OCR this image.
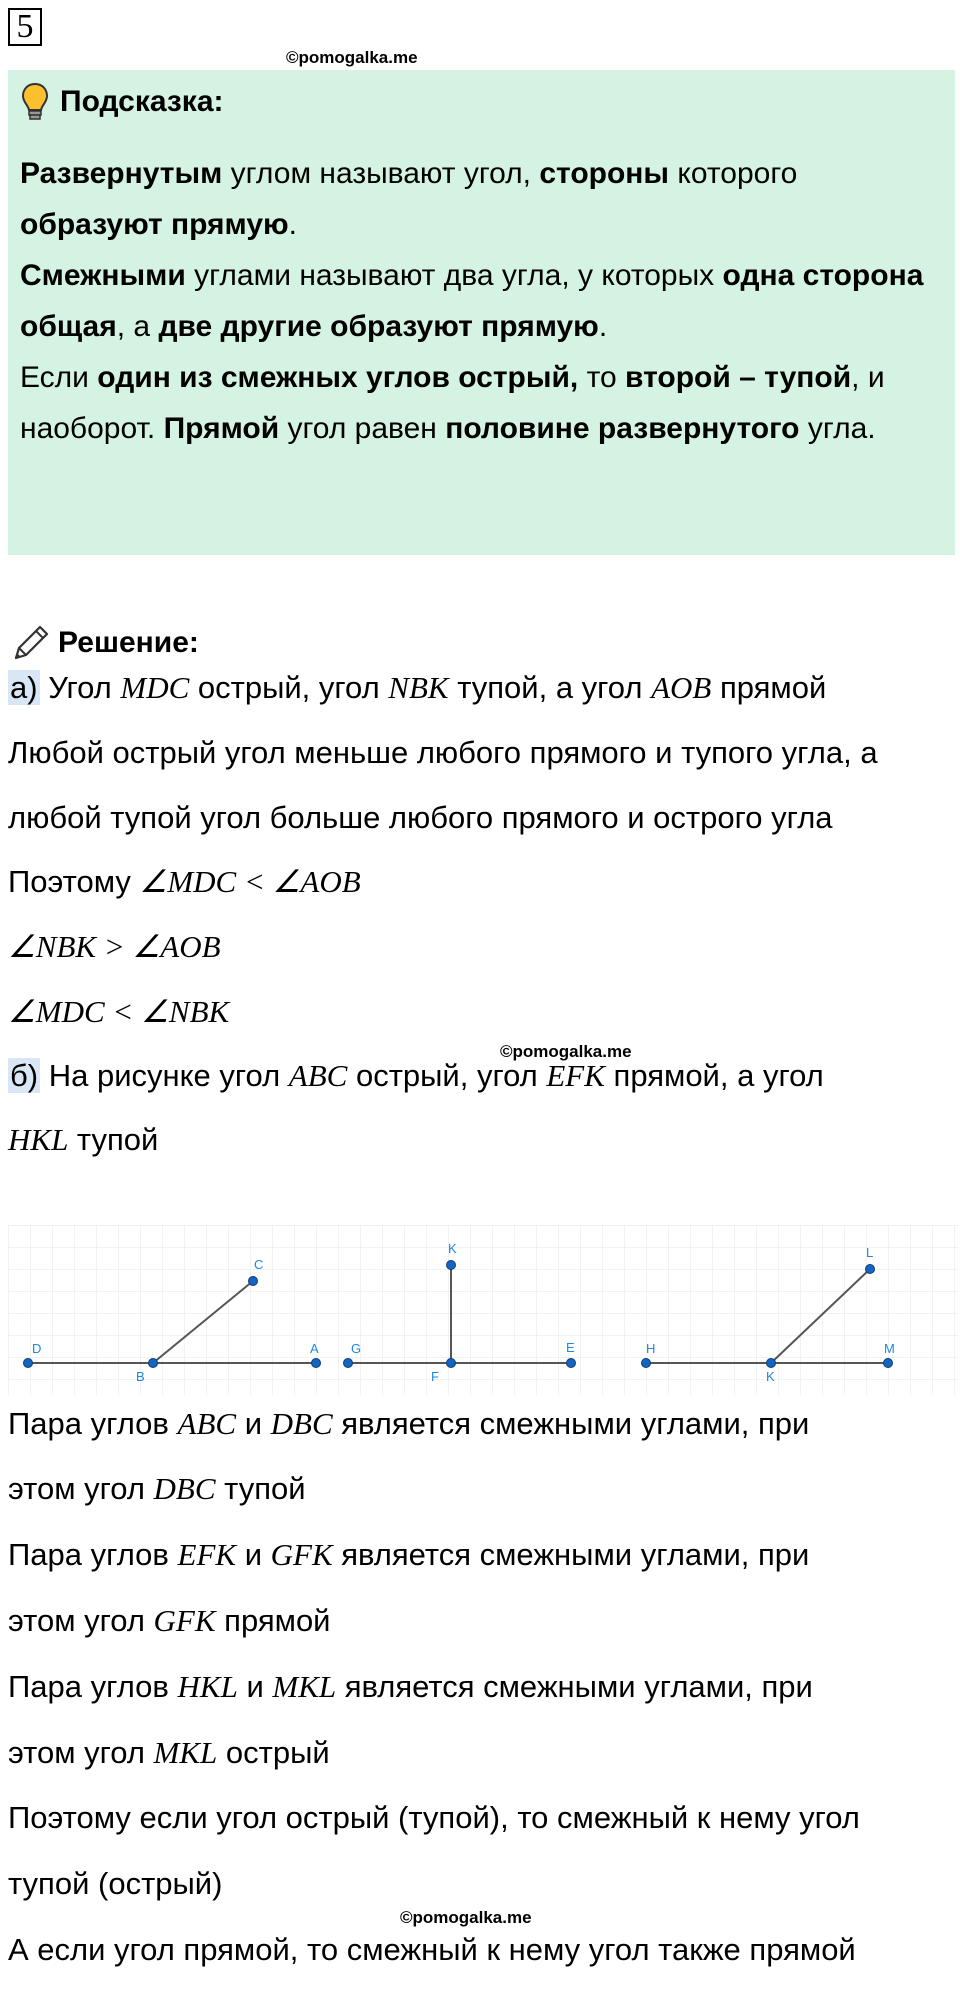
5
©pomogalka.me
Подсказка:
Развернутым углом называют угол, стороны которого образуют прямую.
Смежными углами называют два угла, у которых одна сторона общая, а две другие образуют прямую.
Если один из смежных углов острый, то второй – тупой, и наоборот. Прямой угол равен половине развернутого угла.
Решение:
а) Угол MDC острый, угол NBK тупой, а угол AOB прямой
Любой острый угол меньше любого прямого и тупого угла, а
любой тупой угол больше любого прямого и острого угла
Поэтому ∠MDC < ∠AOB
∠NBK > ∠AOB
∠MDC < ∠NBK
©pomogalka.me
б) На рисунке угол ABC острый, угол EFK прямой, а угол
HKL тупой
D
B
A
C
G
F
E
K
H
K
M
L
Пара углов ABC и DBC является смежными углами, при
этом угол DBC тупой
Пара углов EFK и GFK является смежными углами, при
этом угол GFK прямой
Пара углов HKL и MKL является смежными углами, при
этом угол MKL острый
Поэтому если угол острый (тупой), то смежный к нему угол
тупой (острый)
©pomogalka.me
А если угол прямой, то смежный к нему угол также прямой
